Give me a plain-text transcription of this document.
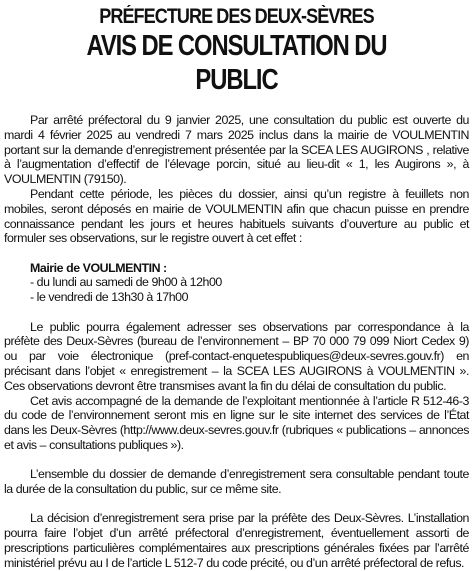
PRÉFECTURE DES DEUX-SÈVRES
AVIS DE CONSULTATION DU PUBLIC

Par arrêté préfectoral du 9 janvier 2025, une consultation du public est ouverte du mardi 4 février 2025 au vendredi 7 mars 2025 inclus dans la mairie de VOULMENTIN portant sur la demande d’enregistrement présentée par la SCEA LES AUGIRONS , relative à l’augmentation d’effectif de l’élevage porcin, situé au lieu-dit « 1, les Augirons », à VOULMENTIN (79150).

Pendant cette période, les pièces du dossier, ainsi qu’un registre à feuillets non mobiles, seront déposés en mairie de VOULMENTIN afin que chacun puisse en prendre connaissance pendant les jours et heures habituels suivants d’ouverture au public et formuler ses observations, sur le registre ouvert à cet effet :

Mairie de VOULMENTIN :
- du lundi au samedi de 9h00 à 12h00
- le vendredi de 13h30 à 17h00

Le public pourra également adresser ses observations par correspondance à la préfète des Deux-Sèvres (bureau de l’environnement – BP 70 000 79 099 Niort Cedex 9) ou par voie électronique (pref-contact-enquetespubliques@deux-sevres.gouv.fr) en précisant dans l’objet « enregistrement – la SCEA LES AUGIRONS à VOULMENTIN ». Ces observations devront être transmises avant la fin du délai de consultation du public.

Cet avis accompagné de la demande de l’exploitant mentionnée à l’article R 512-46-3 du code de l’environnement seront mis en ligne sur le site internet des services de l’État dans les Deux-Sèvres (http://www.deux-sevres.gouv.fr (rubriques « publications – annonces et avis – consultations publiques »).

L’ensemble du dossier de demande d’enregistrement sera consultable pendant toute la durée de la consultation du public, sur ce même site.

La décision d’enregistrement sera prise par la préfète des Deux-Sèvres. L’installation pourra faire l’objet d’un arrêté préfectoral d’enregistrement, éventuellement assorti de prescriptions particulières complémentaires aux prescriptions générales fixées par l’arrêté ministériel prévu au I de l’article L 512-7 du code précité, ou d’un arrêté préfectoral de refus.
